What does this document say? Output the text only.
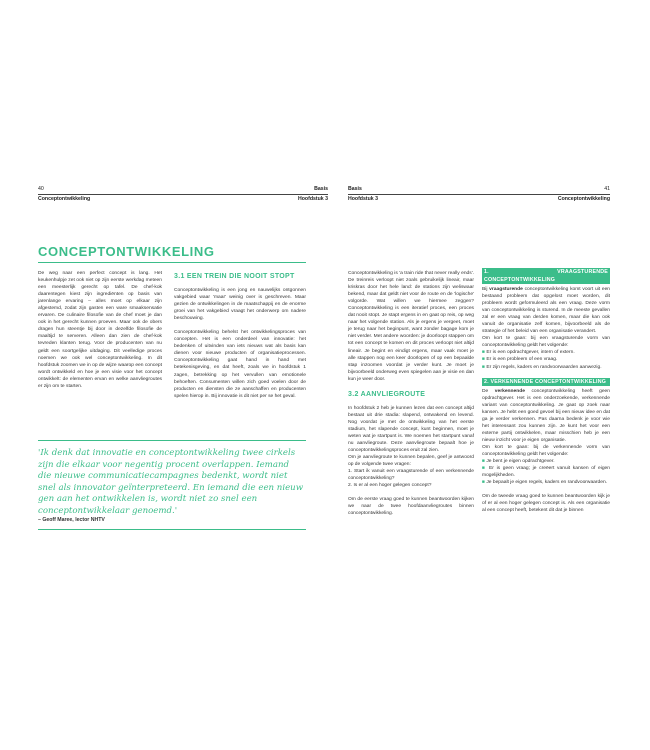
40	Basis
Conceptontwikkeling	Hoofdstuk 3
CONCEPTONTWIKKELING

De weg naar een perfect concept is lang. Het keukenhulpje zet ook niet op zijn eerste werkdag meteen een meesterlijk gerecht op tafel. De chef-kok daarentegen kiest zijn ingrediënten op basis van jarenlange ervaring – alles moet op elkaar zijn afgestemd, zodat zijn gasten een ware smaaksensatie ervaren. De culinaire filosofie van de chef moet je dan ook in het gerecht kunnen proeven. Maar ook de obers dragen hun steentje bij door in dezelfde filosofie de maaltijd te serveren. Alleen dan zien de chef-kok tevreden klanten terug. Voor de producenten van nu geldt een soortgelijke uitdaging. Dit veelledige proces noemen we ook wel conceptontwikkeling. In dit hoofdstuk zoomen we in op de wijze waarop een concept wordt ontwikkeld en hoe je een visie voor het concept ontwikkelt: de elementen ervan en welke aanvliegroutes er zijn om te starten.

3.1 EEN TREIN DIE NOOIT STOPT

Conceptontwikkeling is een jong en nauwelijks ontgonnen vakgebied waar 'maar' weinig over is geschreven. Maar gezien de ontwikkelingen in de maatschappij en de enorme groei van het vakgebied vraagt het onderwerp om nadere beschouwing.

Conceptontwikkeling behelst het ontwikkelingsproces van concepten. Het is een onderdeel van innovatie: het bedenken of uitvinden van iets nieuws wat als basis kan dienen voor nieuwe producten of organisatieprocessen. Conceptontwikkeling gaat hand in hand met betekenisgeving, en dat heeft, zoals we in hoofdstuk 1 zagen, betrekking op het vervullen van emotionele behoeften. Consumenten willen zich goed voelen door de producten en diensten die ze aanschaffen en producenten spelen hierop in. Bij innovatie is dit niet per se het geval.

'Ik denk dat innovatie en conceptontwikkeling twee cirkels zijn die elkaar voor negentig procent overlappen. Iemand die nieuwe communicatiecampagnes bedenkt, wordt niet snel als innovator geïnterpreteerd. En iemand die een nieuw gen aan het ontwikkelen is, wordt niet zo snel een conceptontwikkelaar genoemd.'
– Geoff Maree, lector NHTV
Basis	41
Hoofdstuk 3	Conceptontwikkeling

Conceptontwikkeling is 'a train ride that never really ends'. De treinreis verloopt niet zoals gebruikelijk lineair, maar kriskras door het hele land: de stations zijn weliswaar bekend, maar dat geldt niet voor de route en de 'logische' volgorde. Wat willen we hiermee zeggen? Conceptontwikkeling is een iteratief proces, een proces dat nooit stopt. Je stapt ergens in en gaat op reis, op weg naar het volgende station. Als je ergens je vergeet, moet je terug naar het beginpunt, want zonder bagage kom je niet verder. Met andere woorden: je doorloopt stappen om tot een concept te komen en dit proces verloopt niet altijd lineair. Je begint en eindigt ergens, maar vaak moet je alle stappen nog een keer doorlopen of op een bepaalde stap inzoomen voordat je verder kunt. Je moet je bijvoorbeeld onderweg even spiegelen aan je visie en dan kun je weer door.

3.2 AANVLIEGROUTE

In hoofdstuk 2 heb je kunnen lezen dat een concept altijd bestaat uit drie stadia: slapend, ontwakend en levend. Nog voordat je met de ontwikkeling van het eerste stadium, het slapende concept, kunt beginnen, moet je weten wat je startpunt is. We noemen het startpunt vanaf nu aanvliegroute. Deze aanvliegroute bepaalt hoe je conceptontwikkelingsproces eruit zal zien.

Om je aanvliegroute te kunnen bepalen, geef je antwoord op de volgende twee vragen:

1. Start ik vanuit een vraagsturende of een verkennende conceptontwikkeling?

2. Is er al een hoger gelegen concept?

Om de eerste vraag goed te kunnen beantwoorden kijken we naar de twee hoofdaanvliegroutes binnen conceptontwikkeling.

1. VRAAGSTURENDE CONCEPTONTWIKKELING

Bij vraagsturende conceptontwikkeling komt voort uit een bestaand probleem dat opgelost moet worden, dit probleem wordt geformuleerd als een vraag. Deze vorm van conceptontwikkeling is sturend. In de meeste gevallen zal er een vraag van derden komen, maar die kan ook vanuit de organisatie zelf komen, bijvoorbeeld als de strategie of het beleid van een organisatie verandert.

Om kort te gaan: bij een vraagsturende vorm van conceptontwikkeling geldt het volgende:

■ Er is een opdrachtgever, intern of extern.
■ Er is een probleem of een vraag.
■ Er zijn regels, kaders en randvoorwaarden aanwezig.
2. VERKENNENDE CONCEPTONTWIKKELING

De verkennende conceptontwikkeling heeft geen opdrachtgever. Het is een onderzoekende, verkennende variant van conceptontwikkeling. Je gaat op zoek naar kansen. Je hebt een goed gevoel bij een nieuw idee en dat ga je verder verkennen. Pas daarna bedenk je voor wie het interessant zou kunnen zijn. Je kunt het voor een externe partij ontwikkelen, maar misschien heb je een nieuw inzicht voor je eigen organisatie.

Om kort te gaan: bij de verkennende vorm van conceptontwikkeling geldt het volgende:

■ Je bent je eigen opdrachtgever.
■ Er is geen vraag; je creëert vanuit kansen of eigen mogelijkheden.
■ Je bepaalt je eigen regels, kaders en randvoorwaarden.

Om de tweede vraag goed te kunnen beantwoorden kijk je of er al een hoger gelegen concept is. Als een organisatie al een concept heeft, betekent dit dat je binnen
